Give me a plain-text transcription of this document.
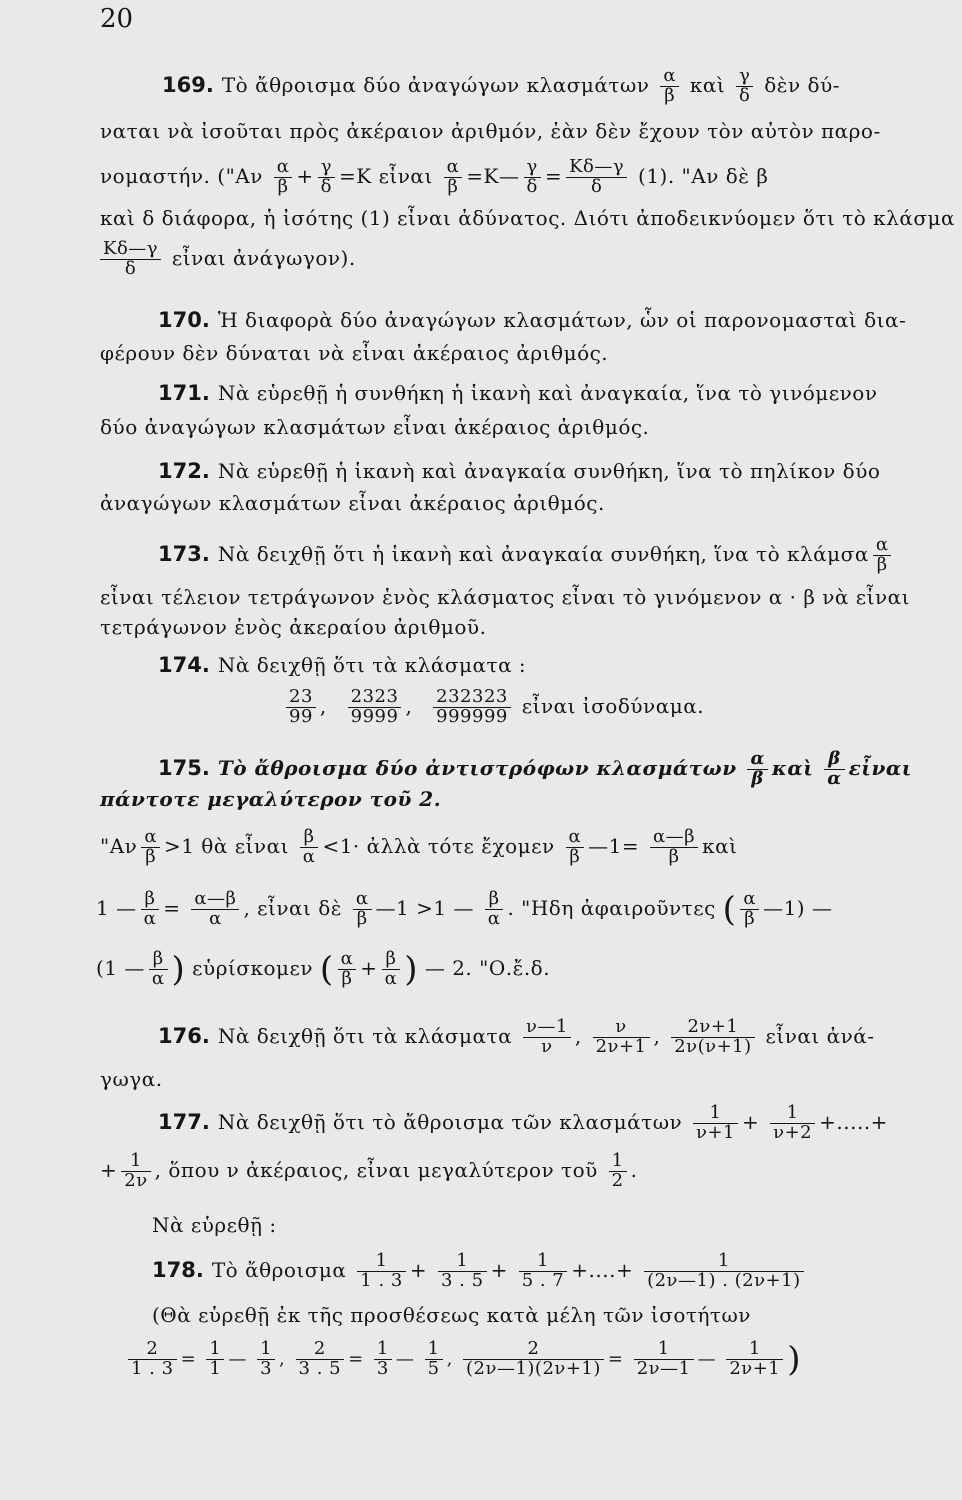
20
169. Τὸ ἄθροισμα δύο ἀναγώγων κλασμάτων $\frac{\alpha}{\beta}$ καὶ $\frac{\gamma}{\delta}$ δὲν δύ-
ναται νὰ ἰσοῦται πρὸς ἀκέραιον ἀριθμόν, ἐὰν δὲν ἔχουν τὸν αὐτὸν παρο-
νομαστήν. ("Αν $\frac{\alpha}{\beta} + \frac{\gamma}{\delta} =K$ εἶναι $\frac{\alpha}{\beta}$ =Κ— $\frac{\gamma}{\delta} = \frac{K\delta—\gamma}{\delta} (1)$. "Αν δὲ β
καὶ δ διάφορα, ἡ ἰσότης (1) εἶναι ἀδύνατος. Διότι ἀποδεικνύομεν ὅτι τὸ κλάσμα
$\frac{K\delta—\gamma}{\delta}$ εἶναι ἀνάγωγον).
170. Ἡ διαφορὰ δύο ἀναγώγων κλασμάτων, ὧν οἱ παρονομασταὶ δια-
φέρουν δὲν δύναται νὰ εἶναι ἀκέραιος ἀριθμός.
171. Νὰ εὑρεθῇ ἡ συνθήκη ἡ ἱκανὴ καὶ ἀναγκαία, ἵνα τὸ γινόμενον
δύο ἀναγώγων κλασμάτων εἶναι ἀκέραιος ἀριθμός.
172. Νὰ εὑρεθῇ ἡ ἱκανὴ καὶ ἀναγκαία συνθήκη, ἵνα τὸ πηλίκον δύο
ἀναγώγων κλασμάτων εἶναι ἀκέραιος ἀριθμός.
173. Νὰ δειχθῇ ὅτι ἡ ἱκανὴ καὶ ἀναγκαία συνθήκη, ἵνα τὸ κλάμσα $\frac{\alpha}{\beta}$
εἶναι τέλειον τετράγωνον ἑνὸς κλάσματος εἶναι τὸ γινόμενον α · β νὰ εἶναι
τετράγωνον ἑνὸς ἀκεραίου ἀριθμοῦ.
174. Νὰ δειχθῇ ὅτι τὰ κλάσματα :
$\frac{23}{99}$ , $\frac{2323}{9999}$ , $\frac{232323}{999999}$ εἶναι ἰσοδύναμα.
175. Τὸ ἄθροισμα δύο ἀντιστρόφων κλασμάτων $\frac{\alpha}{\beta}$ καὶ $\frac{\beta}{\alpha}$ εἶναι
πάντοτε μεγαλύτερον τοῦ 2.
"$A\nu \frac{\alpha}{\beta} >1$ θὰ εἶναι $\frac{\beta}{\alpha} <1\cdot$ ἀλλὰ τότε ἔχομεν $\frac{\alpha}{\beta}$ —1= $\frac{\alpha—\beta}{\beta}$ καὶ
1 — $\frac{\beta}{\alpha} = \frac{\alpha—\beta}{\alpha}$ , εἶναι δὲ $\frac{\alpha}{\beta}$ —1 >1 — $\frac{\beta}{\alpha}$ . "Ηδη ἀφαιροῦντες ( $\frac{\alpha}{\beta}$ —1) —
(1 — $\frac{\beta}{\alpha}$ ) εὑρίσκομεν ( $\frac{\alpha}{\beta} + \frac{\beta}{\alpha}$ ) — 2. "Ο.ἔ.δ.
176. Νὰ δειχθῇ ὅτι τὰ κλάσματα $\frac{\nu—1}{\nu}$ , $\frac{\nu}{2\nu+1}$ , $\frac{2\nu+1}{2\nu(\nu+1)}$ εἶναι ἀνά-
γωγα.
177. Νὰ δειχθῇ ὅτι τὸ ἄθροισμα τῶν κλασμάτων $\frac{1}{\nu+1} + \frac{1}{\nu+2}$ +.....+
+ $\frac{1}{2\nu}$ , ὅπου ν ἀκέραιος, εἶναι μεγαλύτερον τοῦ $\frac{1}{2}$ .
Νὰ εὑρεθῇ :
178. Τὸ ἄθροισμα $\frac{1}{1 . 3} + \frac{1}{3 . 5} + \frac{1}{5 . 7}$ +....+ $\frac{1}{(2\nu—1) . (2\nu+1)}$
(Θὰ εὑρεθῇ ἐκ τῆς προσθέσεως κατὰ μέλη τῶν ἰσοτήτων
$\frac{2}{1 . 3} = \frac{1}{1}$ — $\frac{1}{3}$ , $\frac{2}{3 . 5} = \frac{1}{3}$ — $\frac{1}{5}$ , $\frac{2}{(2\nu—1)(2\nu+1)} = \frac{1}{2\nu—1}$ — $\frac{1}{2\nu+1}$ )
